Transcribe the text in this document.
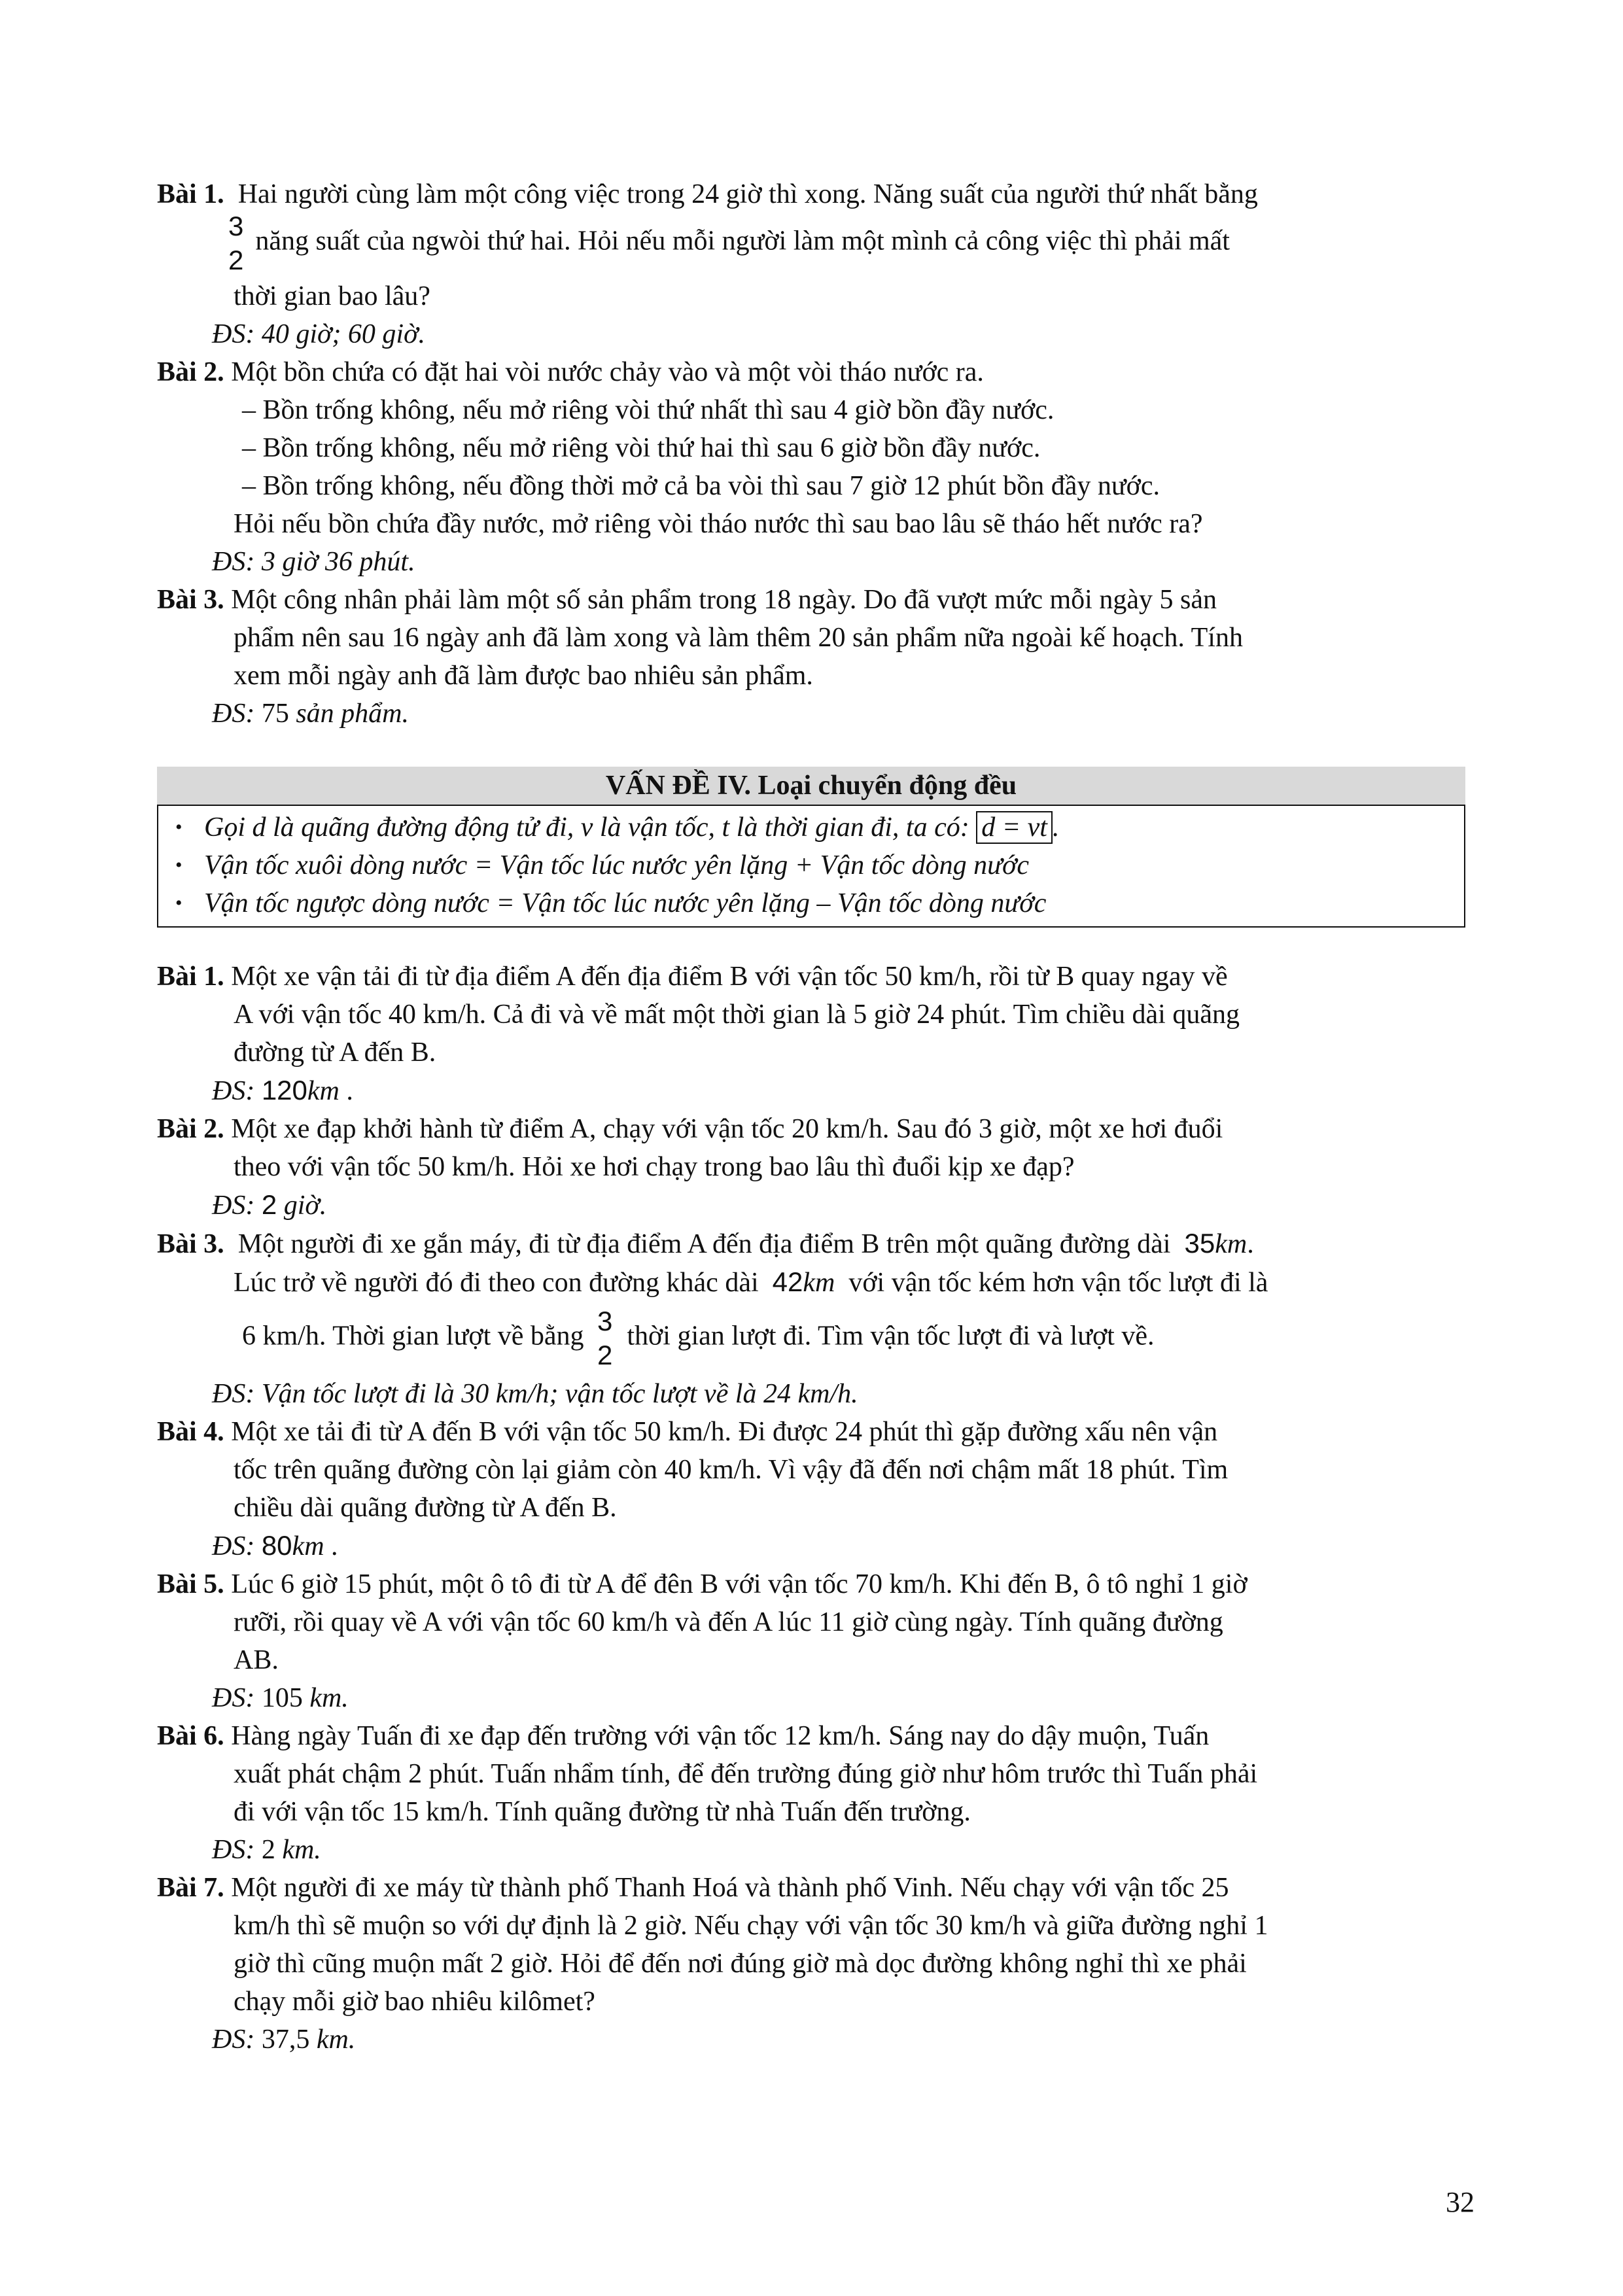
Bài 1. Hai người cùng làm một công việc trong 24 giờ thì xong. Năng suất của người thứ nhất bằng
3
2
năng suất của ngwòi thứ hai. Hỏi nếu mỗi người làm một mình cả công việc thì phải mất
thời gian bao lâu?
ĐS: 40 giờ; 60 giờ.
Bài 2. Một bồn chứa có đặt hai vòi nước chảy vào và một vòi tháo nước ra.
– Bồn trống không, nếu mở riêng vòi thứ nhất thì sau 4 giờ bồn đầy nước.
– Bồn trống không, nếu mở riêng vòi thứ hai thì sau 6 giờ bồn đầy nước.
– Bồn trống không, nếu đồng thời mở cả ba vòi thì sau 7 giờ 12 phút bồn đầy nước.
Hỏi nếu bồn chứa đầy nước, mở riêng vòi tháo nước thì sau bao lâu sẽ tháo hết nước ra?
ĐS: 3 giờ 36 phút.
Bài 3. Một công nhân phải làm một số sản phẩm trong 18 ngày. Do đã vượt mức mỗi ngày 5 sản
phẩm nên sau 16 ngày anh đã làm xong và làm thêm 20 sản phẩm nữa ngoài kế hoạch. Tính
xem mỗi ngày anh đã làm được bao nhiêu sản phẩm.
ĐS: 75 sản phẩm.
VẤN ĐỀ IV. Loại chuyển động đều
• Gọi d là quãng đường động tử đi, v là vận tốc, t là thời gian đi, ta có: d = vt .
• Vận tốc xuôi dòng nước = Vận tốc lúc nước yên lặng + Vận tốc dòng nước
• Vận tốc ngược dòng nước = Vận tốc lúc nước yên lặng – Vận tốc dòng nước
Bài 1. Một xe vận tải đi từ địa điểm A đến địa điểm B với vận tốc 50 km/h, rồi từ B quay ngay về
A với vận tốc 40 km/h. Cả đi và về mất một thời gian là 5 giờ 24 phút. Tìm chiều dài quãng
đường từ A đến B.
ĐS: 120km .
Bài 2. Một xe đạp khởi hành từ điểm A, chạy với vận tốc 20 km/h. Sau đó 3 giờ, một xe hơi đuổi
theo với vận tốc 50 km/h. Hỏi xe hơi chạy trong bao lâu thì đuổi kịp xe đạp?
ĐS: 2 giờ.
Bài 3. Một người đi xe gắn máy, đi từ địa điểm A đến địa điểm B trên một quãng đường dài 35km.
Lúc trở về người đó đi theo con đường khác dài 42km với vận tốc kém hơn vận tốc lượt đi là
6 km/h. Thời gian lượt về bằng 3
2
thời gian lượt đi. Tìm vận tốc lượt đi và lượt về.
ĐS: Vận tốc lượt đi là 30 km/h; vận tốc lượt về là 24 km/h.
Bài 4. Một xe tải đi từ A đến B với vận tốc 50 km/h. Đi được 24 phút thì gặp đường xấu nên vận
tốc trên quãng đường còn lại giảm còn 40 km/h. Vì vậy đã đến nơi chậm mất 18 phút. Tìm
chiều dài quãng đường từ A đến B.
ĐS: 80km .
Bài 5. Lúc 6 giờ 15 phút, một ô tô đi từ A để đên B với vận tốc 70 km/h. Khi đến B, ô tô nghỉ 1 giờ
rưỡi, rồi quay về A với vận tốc 60 km/h và đến A lúc 11 giờ cùng ngày. Tính quãng đường
AB.
ĐS: 105 km.
Bài 6. Hàng ngày Tuấn đi xe đạp đến trường với vận tốc 12 km/h. Sáng nay do dậy muộn, Tuấn
xuất phát chậm 2 phút. Tuấn nhẩm tính, để đến trường đúng giờ như hôm trước thì Tuấn phải
đi với vận tốc 15 km/h. Tính quãng đường từ nhà Tuấn đến trường.
ĐS: 2 km.
Bài 7. Một người đi xe máy từ thành phố Thanh Hoá và thành phố Vinh. Nếu chạy với vận tốc 25
km/h thì sẽ muộn so với dự định là 2 giờ. Nếu chạy với vận tốc 30 km/h và giữa đường nghỉ 1
giờ thì cũng muộn mất 2 giờ. Hỏi để đến nơi đúng giờ mà dọc đường không nghỉ thì xe phải
chạy mỗi giờ bao nhiêu kilômet?
ĐS: 37,5 km.
32
